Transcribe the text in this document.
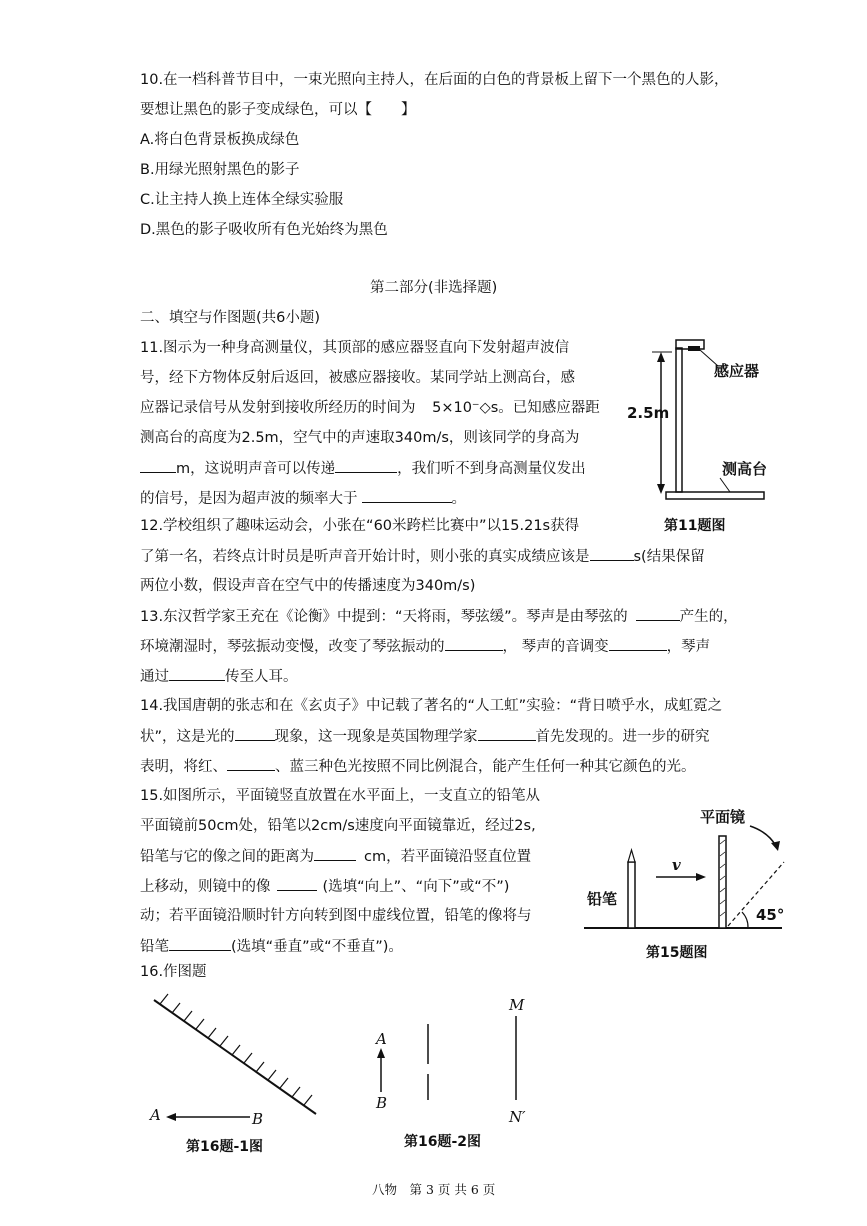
10.在一档科普节目中，一束光照向主持人，在后面的白色的背景板上留下一个黑色的人影，
要想让黑色的影子变成绿色，可以【　　】
A.将白色背景板换成绿色
B.用绿光照射黑色的影子
C.让主持人换上连体全绿实验服
D.黑色的影子吸收所有色光始终为黑色
第二部分(非选择题)
二、填空与作图题(共6小题)
11.图示为一种身高测量仪，其顶部的感应器竖直向下发射超声波信
号，经下方物体反射后返回，被感应器接收。某同学站上测高台，感
应器记录信号从发射到接收所经历的时间为 5×10⁻◇s。已知感应器距
测高台的高度为2.5m，空气中的声速取340m/s，则该同学的身高为
m，这说明声音可以传递	，我们听不到身高测量仪发出
的信号，是因为超声波的频率大于	。
感应器
2.5m
测高台
第11题图
12.学校组织了趣味运动会，小张在“60米跨栏比赛中”以15.21s获得
了第一名，若终点计时员是听声音开始计时，则小张的真实成绩应该是	s(结果保留
两位小数，假设声音在空气中的传播速度为340m/s)
13.东汉哲学家王充在《论衡》中提到：“天将雨，琴弦缓”。琴声是由琴弦的	产生的，
环境潮湿时，琴弦振动变慢，改变了琴弦振动的	， 琴声的音调变	，琴声
通过	传至人耳。
14.我国唐朝的张志和在《玄贞子》中记载了著名的“人工虹”实验：“背日喷乎水，成虹霓之
状”，这是光的	现象，这一现象是英国物理学家	首先发现的。进一步的研究
表明，将红、	、蓝三种色光按照不同比例混合，能产生任何一种其它颜色的光。
15.如图所示，平面镜竖直放置在水平面上，一支直立的铅笔从
平面镜前50cm处，铅笔以2cm/s速度向平面镜靠近，经过2s,
铅笔与它的像之间的距离为	cm，若平面镜沿竖直位置
上移动，则镜中的像	(选填“向上”、“向下”或“不”)
动；若平面镜沿顺时针方向转到图中虚线位置，铅笔的像将与
铅笔	(选填“垂直”或“不垂直”)。
平面镜
铅笔
v
45°
第15题图
16.作图题
A	B
第16题-1图
A
B
M
N′
第16题-2图
八物　第 3 页 共 6 页
